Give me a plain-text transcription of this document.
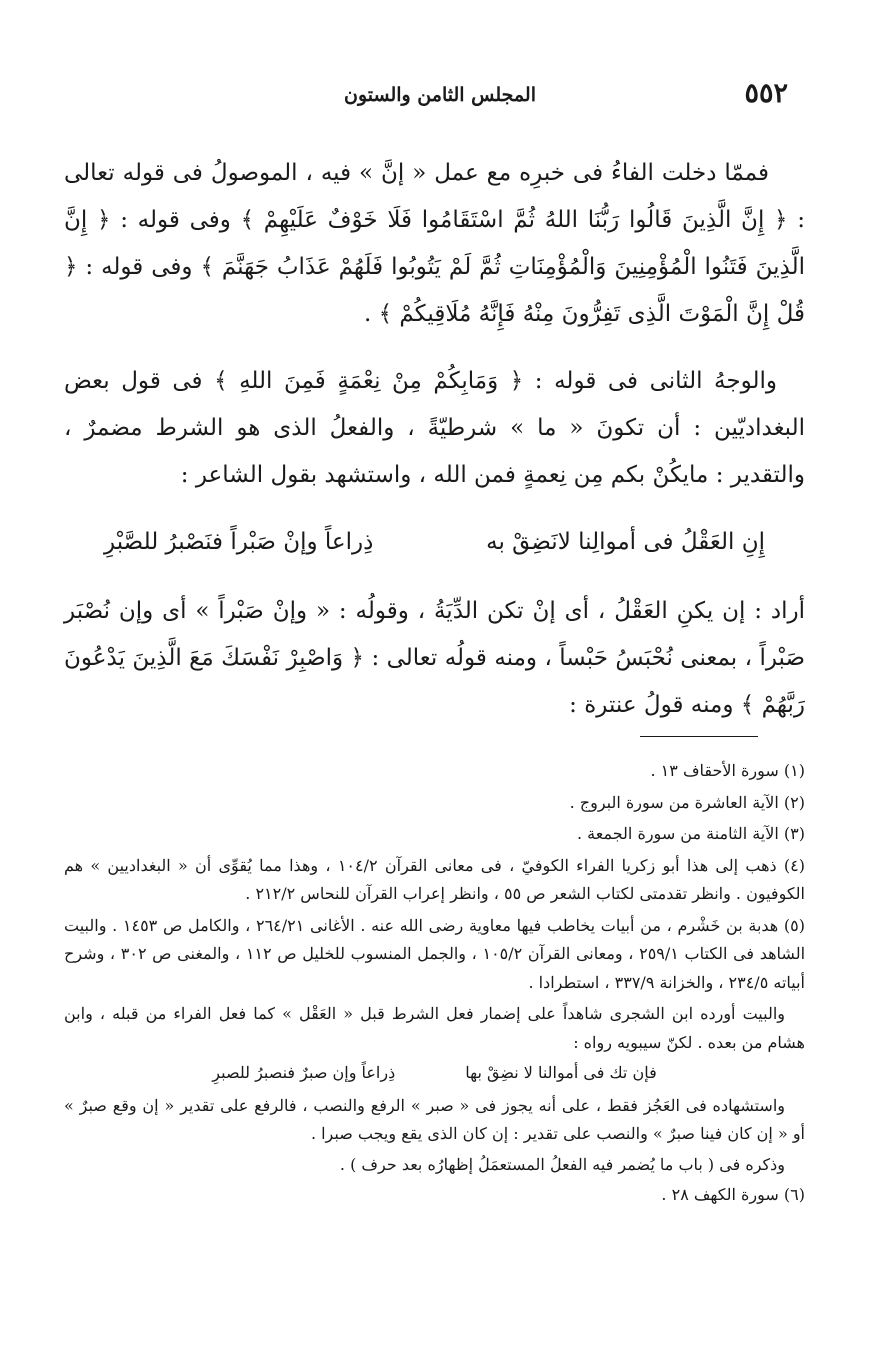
٥٥٢
المجلس الثامن والستون

فممّا دخلت الفاءُ فى خبرِه مع عمل « إنَّ » فيه ، الموصولُ فى قوله تعالى : ﴿ إِنَّ الَّذِينَ قَالُوا رَبُّنَا اللهُ ثُمَّ اسْتَقَامُوا فَلَا خَوْفٌ عَلَيْهِمْ ﴾ وفى قوله : ﴿ إِنَّ الَّذِينَ فَتَنُوا الْمُؤْمِنِينَ وَالْمُؤْمِنَاتِ ثُمَّ لَمْ يَتُوبُوا فَلَهُمْ عَذَابُ جَهَنَّمَ ﴾ وفى قوله : ﴿ قُلْ إِنَّ الْمَوْتَ الَّذِى تَفِرُّونَ مِنْهُ فَإِنَّهُ مُلَاقِيكُمْ ﴾ .

والوجهُ الثانى فى قوله : ﴿ وَمَابِكُمْ مِنْ نِعْمَةٍ فَمِنَ اللهِ ﴾ فى قول بعض البغداديّين : أن تكونَ « ما » شرطيّةً ، والفعلُ الذى هو الشرط مضمرٌ ، والتقدير : مايكُنْ بكم مِن نِعمةٍ فمن الله ، واستشهد بقول الشاعر :

إِنِ العَقْلُ فى أموالِنا لانَضِقْ به
ذِراعاً وإنْ صَبْراً فنَصْبرُ للصَّبْرِ

أراد : إن يكنِ العَقْلُ ، أى إنْ تكن الدِّيَةُ ، وقولُه : « وإنْ صَبْراً » أى وإن نُصْبَر صَبْراً ، بمعنى نُحْبَسُ حَبْساً ، ومنه قولُه تعالى : ﴿ وَاصْبِرْ نَفْسَكَ مَعَ الَّذِينَ يَدْعُونَ رَبَّهُمْ ﴾ ومنه قولُ عنترة :

(١) سورة الأحقاف ١٣ .

(٢) الآية العاشرة من سورة البروج .

(٣) الآية الثامنة من سورة الجمعة .

(٤) ذهب إلى هذا أبو زكريا الفراء الكوفيّ ، فى معانى القرآن ١٠٤/٢ ، وهذا مما يُقوِّى أن « البغداديين » هم الكوفيون . وانظر تقدمتى لكتاب الشعر ص ٥٥ ، وانظر إعراب القرآن للنحاس ٢١٢/٢ .

(٥) هدبة بن خَشْرم ، من أبيات يخاطب فيها معاوية رضى الله عنه . الأغانى ٢٦٤/٢١ ، والكامل ص ١٤٥٣ . والبيت الشاهد فى الكتاب ٢٥٩/١ ، ومعانى القرآن ١٠٥/٢ ، والجمل المنسوب للخليل ص ١١٢ ، والمغنى ص ٣٠٢ ، وشرح أبياته ٢٣٤/٥ ، والخزانة ٣٣٧/٩ ، استطرادا .

والبيت أورده ابن الشجرى شاهداً على إضمار فعل الشرط قبل « العَقْل » كما فعل الفراء من قبله ، وابن هشام من بعده . لكنّ سيبويه رواه :

فإن تك فى أموالنا لا نضِقْ بها
ذِراعاً وإن صبرٌ فنصبرُ للصبرِ

واستشهاده فى العَجُز فقط ، على أنه يجوز فى « صبر » الرفع والنصب ، فالرفع على تقدير « إن وقع صبرٌ » أو « إن كان فينا صبرٌ » والنصب على تقدير : إن كان الذى يقع ويجب صبرا .

وذكره فى ( باب ما يُضمر فيه الفعلُ المستعمَلُ إظهارُه بعد حرف ) .

(٦) سورة الكهف ٢٨ .
